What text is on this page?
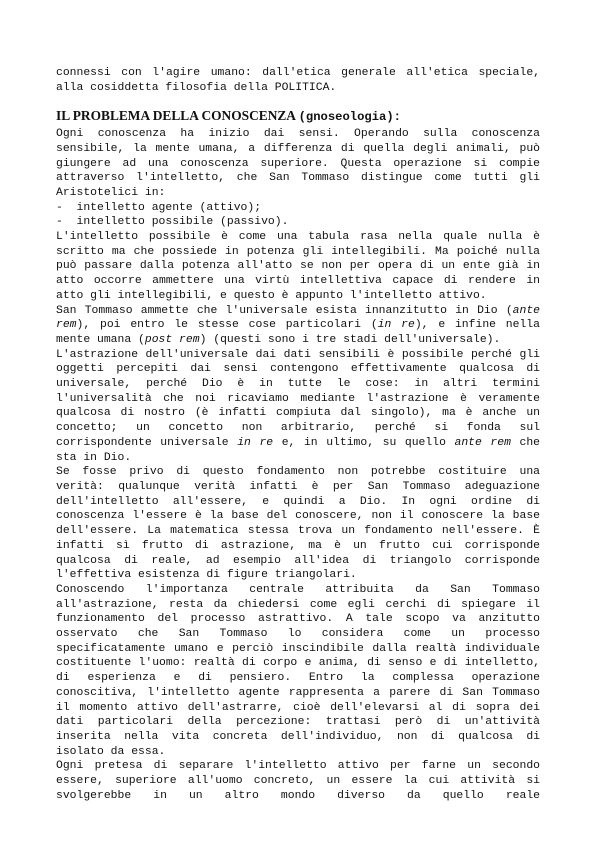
connessi con l'agire umano: dall'etica generale all'etica speciale, alla cosiddetta filosofia della POLITICA.

IL PROBLEMA DELLA CONOSCENZA (gnoseologia):

Ogni conoscenza ha inizio dai sensi. Operando sulla conoscenza sensibile, la mente umana, a differenza di quella degli animali, può giungere ad una conoscenza superiore. Questa operazione si compie attraverso l'intelletto, che San Tommaso distingue come tutti gli Aristotelici in:

-  intelletto agente (attivo);
-  intelletto possibile (passivo).

L'intelletto possibile è come una tabula rasa nella quale nulla è scritto ma che possiede in potenza gli intellegibili. Ma poiché nulla può passare dalla potenza all'atto se non per opera di un ente già in atto occorre ammettere una virtù intellettiva capace di rendere in atto gli intellegibili, e questo è appunto l'intelletto attivo.

San Tommaso ammette che l'universale esista innanzitutto in Dio (ante rem), poi entro le stesse cose particolari (in re), e infine nella mente umana (post rem) (questi sono i tre stadi dell'universale).

L'astrazione dell'universale dai dati sensibili è possibile perché gli oggetti percepiti dai sensi contengono effettivamente qualcosa di universale, perché Dio è in tutte le cose: in altri termini l'universalità che noi ricaviamo mediante l'astrazione è veramente qualcosa di nostro (è infatti compiuta dal singolo), ma è anche un concetto; un concetto non arbitrario, perché si fonda sul corrispondente universale in re e, in ultimo, su quello ante rem che sta in Dio.

Se fosse privo di questo fondamento non potrebbe costituire una verità: qualunque verità infatti è per San Tommaso adeguazione dell'intelletto all'essere, e quindi a Dio. In ogni ordine di conoscenza l'essere è la base del conoscere, non il conoscere la base dell'essere. La matematica stessa trova un fondamento nell'essere. È infatti sì frutto di astrazione, ma è un frutto cui corrisponde qualcosa di reale, ad esempio all'idea di triangolo corrisponde l'effettiva esistenza di figure triangolari.

Conoscendo l'importanza centrale attribuita da San Tommaso all'astrazione, resta da chiedersi come egli cerchi di spiegare il funzionamento del processo astrattivo. A tale scopo va anzitutto osservato che San Tommaso lo considera come un processo specificatamente umano e perciò inscindibile dalla realtà individuale costituente l'uomo: realtà di corpo e anima, di senso e di intelletto, di esperienza e di pensiero. Entro la complessa operazione conoscitiva, l'intelletto agente rappresenta a parere di San Tommaso il momento attivo dell'astrarre, cioè dell'elevarsi al di sopra dei dati particolari della percezione: trattasi però di un'attività inserita nella vita concreta dell'individuo, non di qualcosa di isolato da essa.

Ogni pretesa di separare l'intelletto attivo per farne un secondo essere, superiore all'uomo concreto, un essere la cui attività si svolgerebbe in un altro mondo diverso da quello reale
